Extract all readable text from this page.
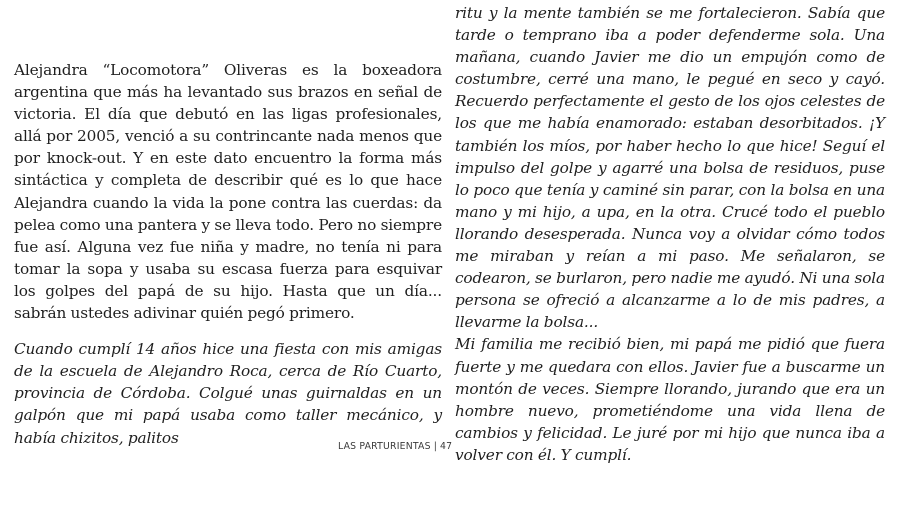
Alejandra “Locomotora” Oliveras es la boxeadora argentina que más ha levantado sus brazos en señal de victoria. El día que debutó en las ligas profesionales, allá por 2005, venció a su contrincante nada menos que por knock-out. Y en este dato encuentro la forma más sintáctica y completa de describir qué es lo que hace Alejandra cuando la vida la pone contra las cuerdas: da pelea como una pantera y se lleva todo. Pero no siempre fue así. Alguna vez fue niña y madre, no tenía ni para tomar la sopa y usaba su escasa fuerza para esquivar los golpes del papá de su hijo. Hasta que un día... sabrán ustedes adivinar quién pegó primero.

Cuando cumplí 14 años hice una fiesta con mis amigas de la escuela de Alejandro Roca, cerca de Río Cuarto, provincia de Córdoba. Colgué unas guirnaldas en un galpón que mi papá usaba como taller mecánico, y había chizitos, palitos

ritu y la mente también se me fortalecieron. Sabía que tarde o temprano iba a poder defenderme sola. Una mañana, cuando Javier me dio un empujón como de costumbre, cerré una mano, le pegué en seco y cayó. Recuerdo perfectamente el gesto de los ojos celestes de los que me había enamorado: estaban desorbitados. ¡Y también los míos, por haber hecho lo que hice! Seguí el impulso del golpe y agarré una bolsa de residuos, puse lo poco que tenía y caminé sin parar, con la bolsa en una mano y mi hijo, a upa, en la otra. Crucé todo el pueblo llorando desesperada. Nunca voy a olvidar cómo todos me miraban y reían a mi paso. Me señalaron, se codearon, se burlaron, pero nadie me ayudó. Ni una sola persona se ofreció a alcanzarme a lo de mis padres, a llevarme la bolsa...

Mi familia me recibió bien, mi papá me pidió que fuera fuerte y me quedara con ellos. Javier fue a buscarme un montón de veces. Siempre llorando, jurando que era un hombre nuevo, prometiéndome una vida llena de cambios y felicidad. Le juré por mi hijo que nunca iba a volver con él. Y cumplí.

LAS PARTURIENTAS | 47
